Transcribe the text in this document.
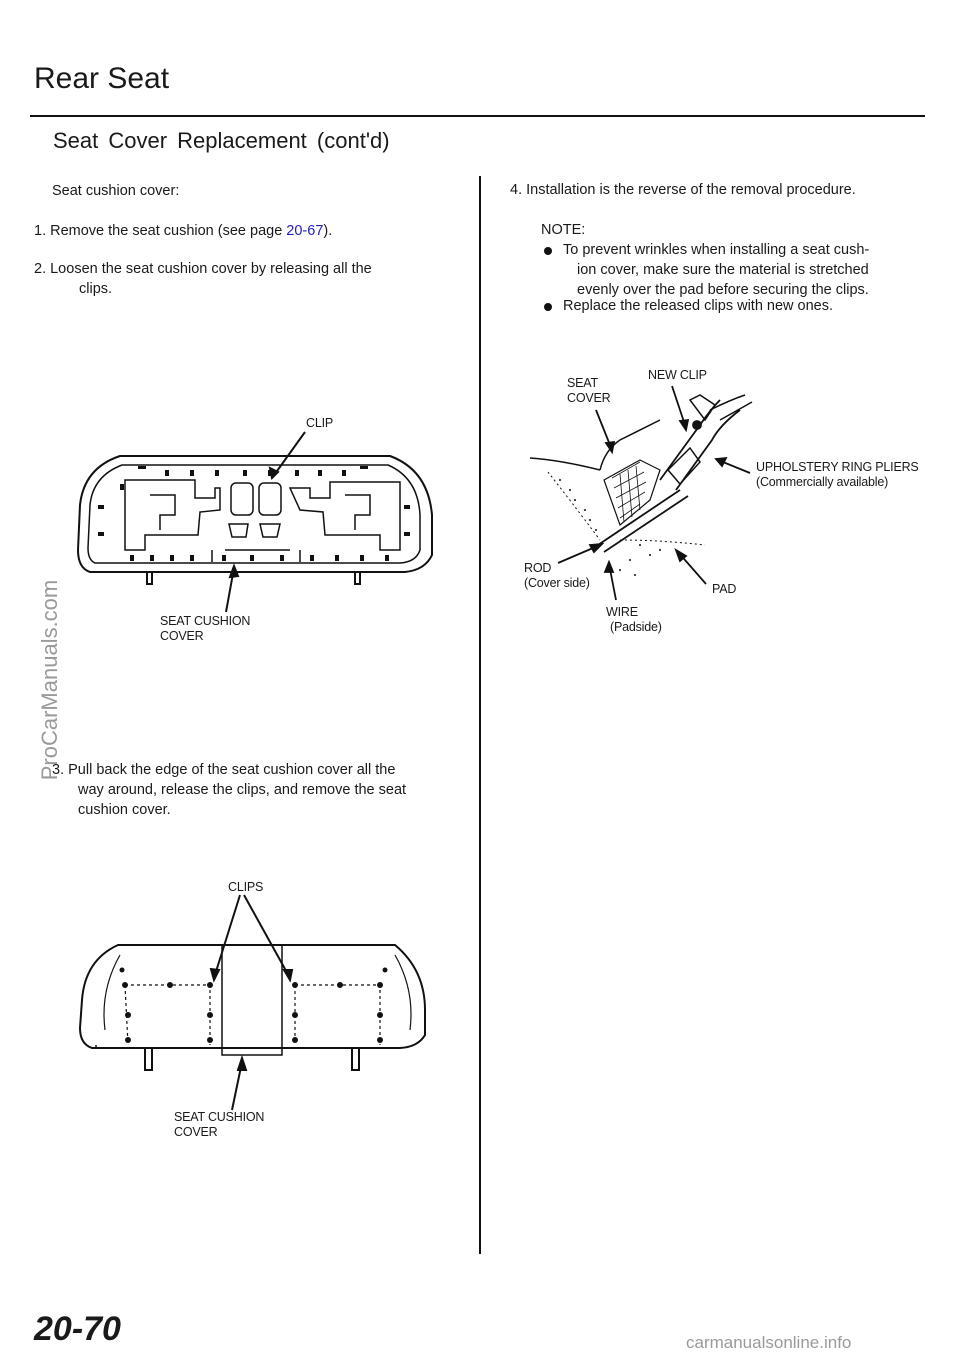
Rear Seat
Seat Cover Replacement (cont'd)
Seat cushion cover:
1. Remove the seat cushion (see page 20-67).
2. Loosen the seat cushion cover by releasing all the
clips.
CLIP
SEAT CUSHION
COVER
3. Pull back the edge of the seat cushion cover all the
way around, release the clips, and remove the seat
cushion cover.
CLIPS
SEAT CUSHION
COVER
4. Installation is the reverse of the removal procedure.
NOTE:
To prevent wrinkles when installing a seat cush-
ion cover, make sure the material is stretched
evenly over the pad before securing the clips.
Replace the released clips with new ones.
SEAT
COVER
NEW CLIP
UPHOLSTERY RING PLIERS
(Commercially available)
ROD
(Cover side)
WIRE
(Padside)
PAD
ProCarManuals.com
20-70	carmanualsonline.info
